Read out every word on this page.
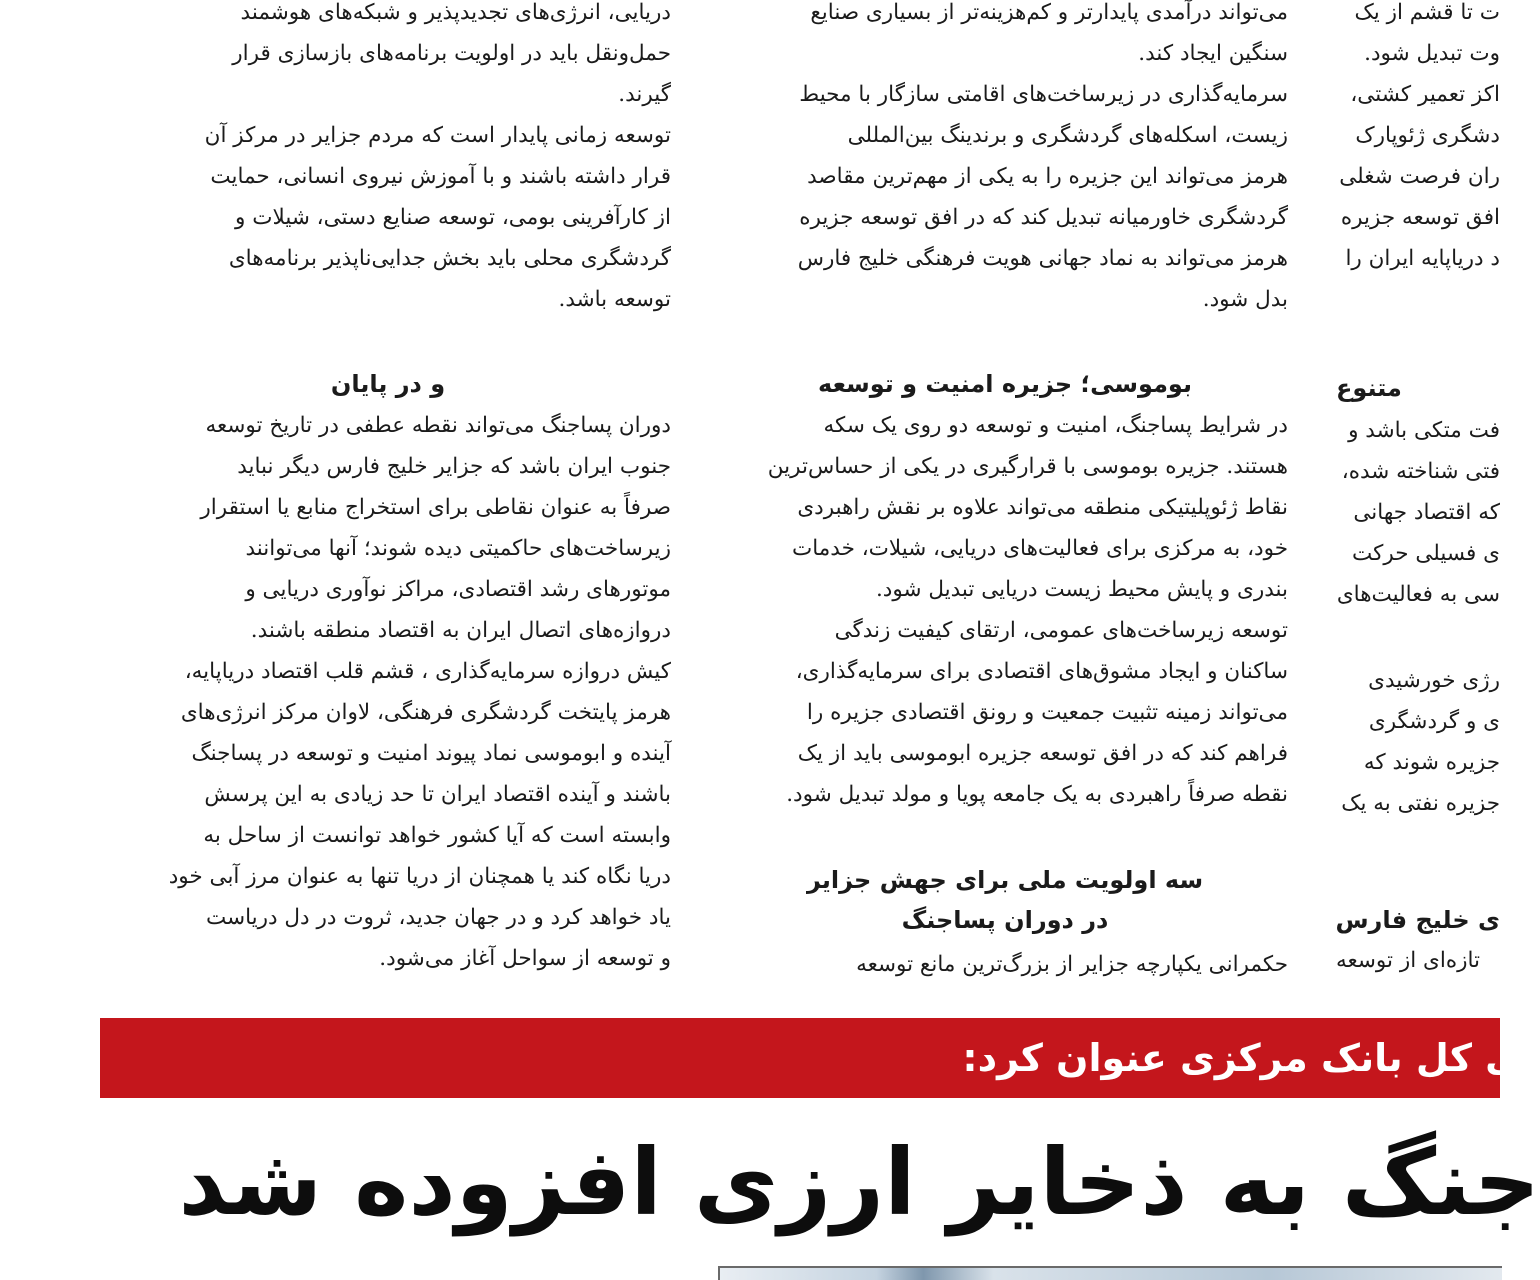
دریایی، انرژی‌های تجدیدپذیر و شبکه‌های هوشمند
حمل‌ونقل باید در اولویت برنامه‌های بازسازی قرار
گیرند.
توسعه زمانی پایدار است که مردم جزایر در مرکز آن
قرار داشته باشند و با آموزش نیروی انسانی، حمایت
از کارآفرینی بومی، توسعه صنایع دستی، شیلات و
گردشگری محلی باید بخش جدایی‌ناپذیر برنامه‌های
توسعه باشد.
می‌تواند درآمدی پایدارتر و کم‌هزینه‌تر از بسیاری صنایع
سنگین ایجاد کند.
سرمایه‌گذاری در زیرساخت‌های اقامتی سازگار با محیط
زیست، اسکله‌های گردشگری و برندینگ بین‌المللی
هرمز می‌تواند این جزیره را به یکی از مهم‌ترین مقاصد
گردشگری خاورمیانه تبدیل کند که در افق توسعه جزیره
هرمز می‌تواند به نماد جهانی هویت فرهنگی خلیج فارس
بدل شود.
ت تا قشم از یک
وت تبدیل شود.
اکز تعمیر کشتی،
دشگری ژئوپارک
ران فرصت شغلی
افق توسعه جزیره
د دریاپایه ایران را
و در پایان
دوران پساجنگ می‌تواند نقطه عطفی در تاریخ توسعه
جنوب ایران باشد که جزایر خلیج فارس دیگر نباید
صرفاً به عنوان نقاطی برای استخراج منابع یا استقرار
زیرساخت‌های حاکمیتی دیده شوند؛ آنها می‌توانند
موتورهای رشد اقتصادی، مراکز نوآوری دریایی و
دروازه‌های اتصال ایران به اقتصاد منطقه باشند.
کیش دروازه سرمایه‌گذاری ، قشم قلب اقتصاد دریاپایه،
هرمز پایتخت گردشگری فرهنگی، لاوان مرکز انرژی‌های
آینده و ابوموسی نماد پیوند امنیت و توسعه در پساجنگ
باشند و آینده اقتصاد ایران تا حد زیادی به این پرسش
وابسته است که آیا کشور خواهد توانست از ساحل به
دریا نگاه کند یا همچنان از دریا تنها به عنوان مرز آبی خود
یاد خواهد کرد و در جهان جدید، ثروت در دل دریاست
و توسعه از سواحل آغاز می‌شود.
بوموسی؛ جزیره امنیت و توسعه
در شرایط پساجنگ، امنیت و توسعه دو روی یک سکه
هستند. جزیره بوموسی با قرارگیری در یکی از حساس‌ترین
نقاط ژئوپلیتیکی منطقه می‌تواند علاوه بر نقش راهبردی
خود، به مرکزی برای فعالیت‌های دریایی، شیلات، خدمات
بندری و پایش محیط زیست دریایی تبدیل شود.
توسعه زیرساخت‌های عمومی، ارتقای کیفیت زندگی
ساکنان و ایجاد مشوق‌های اقتصادی برای سرمایه‌گذاری،
می‌تواند زمینه تثبیت جمعیت و رونق اقتصادی جزیره را
فراهم کند که در افق توسعه جزیره ابوموسی باید از یک
نقطه صرفاً راهبردی به یک جامعه پویا و مولد تبدیل شود.
سه اولویت ملی برای جهش جزایر
در دوران پساجنگ
حکمرانی یکپارچه جزایر از بزرگ‌ترین مانع توسعه
متنوع
فت متکی باشد و
فتی شناخته شده،
که اقتصاد جهانی
ی فسیلی حرکت
سی به فعالیت‌های
رژی خورشیدی
ی و گردشگری
جزیره شوند که
جزیره نفتی به یک
ی خلیج فارس
تازه‌ای از توسعه
ی کل بانک مرکزی عنوان کرد:
جنگ به ذخایر ارزی افزوده شد
